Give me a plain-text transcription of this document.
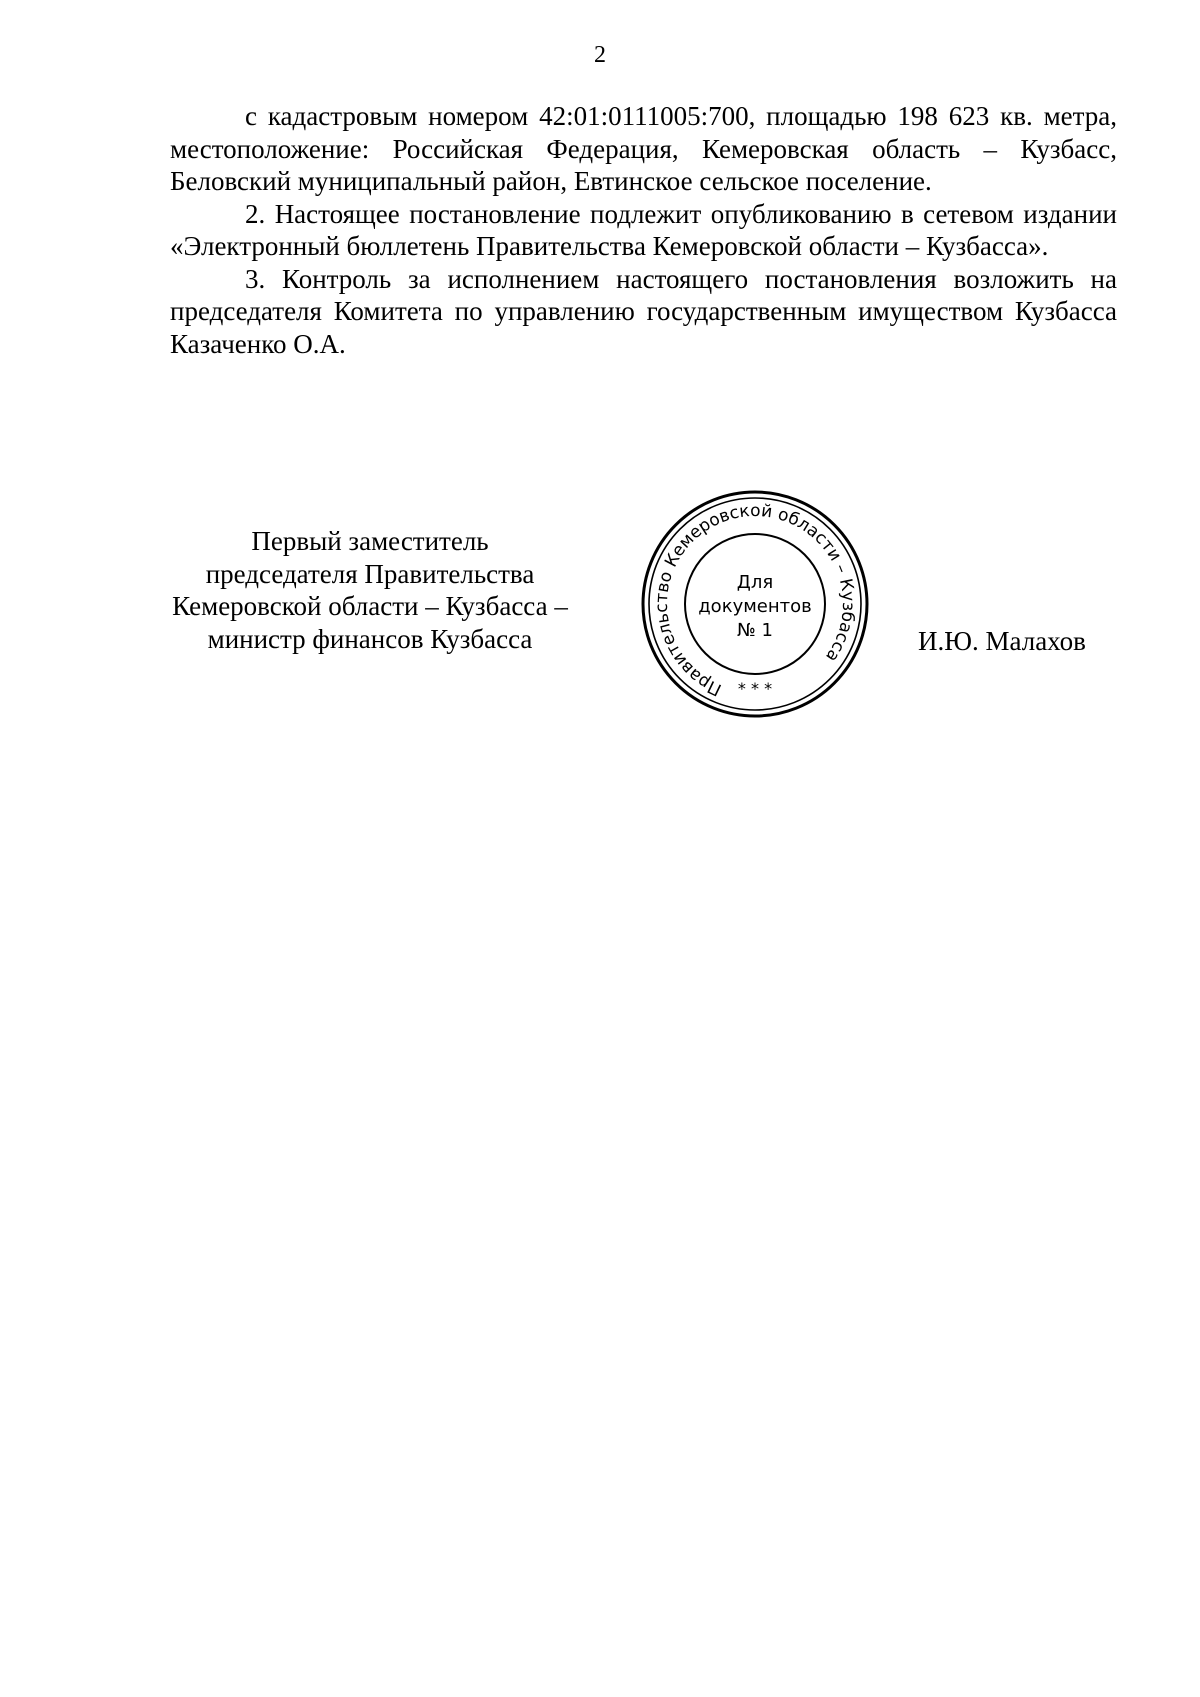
2

с кадастровым номером 42:01:0111005:700, площадью 198 623 кв. метра, местоположение: Российская Федерация, Кемеровская область – Кузбасс, Беловский муниципальный район, Евтинское сельское поселение.

2. Настоящее постановление подлежит опубликованию в сетевом издании «Электронный бюллетень Правительства Кемеровской области – Кузбасса».

3. Контроль за исполнением настоящего постановления возложить на председателя Комитета по управлению государственным имуществом Кузбасса Казаченко О.А.

Первый заместитель
председателя Правительства
Кемеровской области – Кузбасса –
министр финансов Кузбасса
Правительство Кемеровской области – Кузбасса
* * *
Для
документов
№ 1	И.Ю. Малахов
